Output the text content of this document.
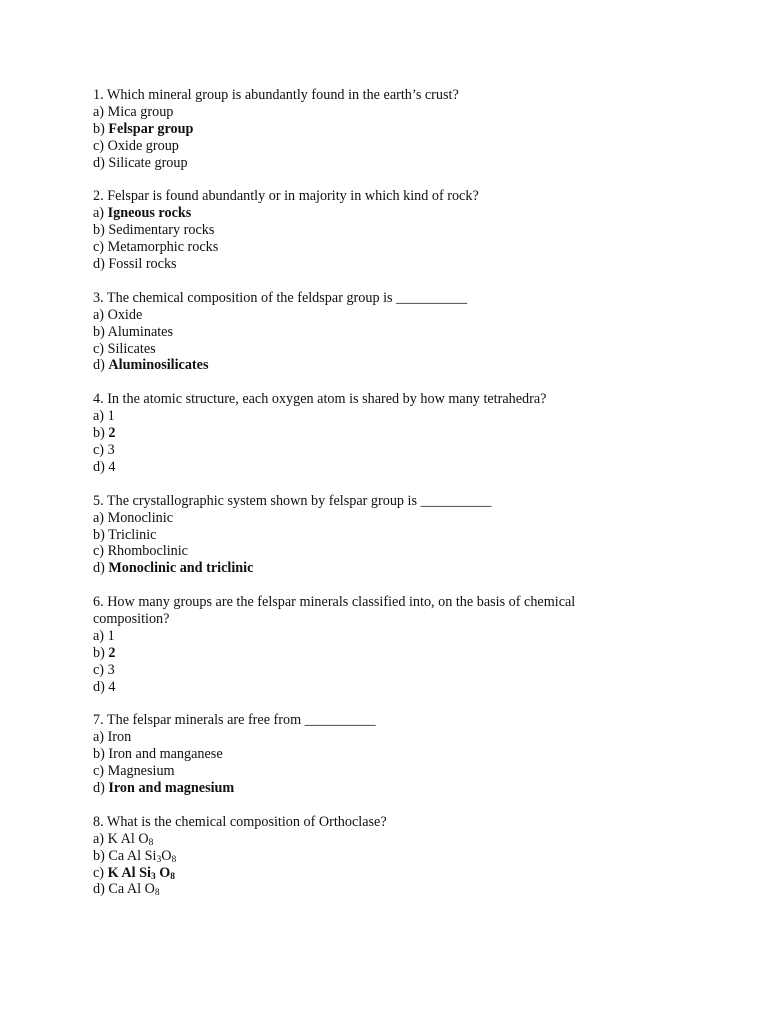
1. Which mineral group is abundantly found in the earth’s crust?
a) Mica group
b) Felspar group
c) Oxide group
d) Silicate group
2. Felspar is found abundantly or in majority in which kind of rock?
a) Igneous rocks
b) Sedimentary rocks
c) Metamorphic rocks
d) Fossil rocks
3. The chemical composition of the feldspar group is __________
a) Oxide
b) Aluminates
c) Silicates
d) Aluminosilicates
4. In the atomic structure, each oxygen atom is shared by how many tetrahedra?
a) 1
b) 2
c) 3
d) 4
5. The crystallographic system shown by felspar group is __________
a) Monoclinic
b) Triclinic
c) Rhomboclinic
d) Monoclinic and triclinic
6. How many groups are the felspar minerals classified into, on the basis of chemical composition?
a) 1
b) 2
c) 3
d) 4
7. The felspar minerals are free from __________
a) Iron
b) Iron and manganese
c) Magnesium
d) Iron and magnesium
8. What is the chemical composition of Orthoclase?
a) K Al $O_8$
b) Ca Al $Si_3O_8$
c) K Al $Si_3$ $O_8$
d) Ca Al $O_8$
